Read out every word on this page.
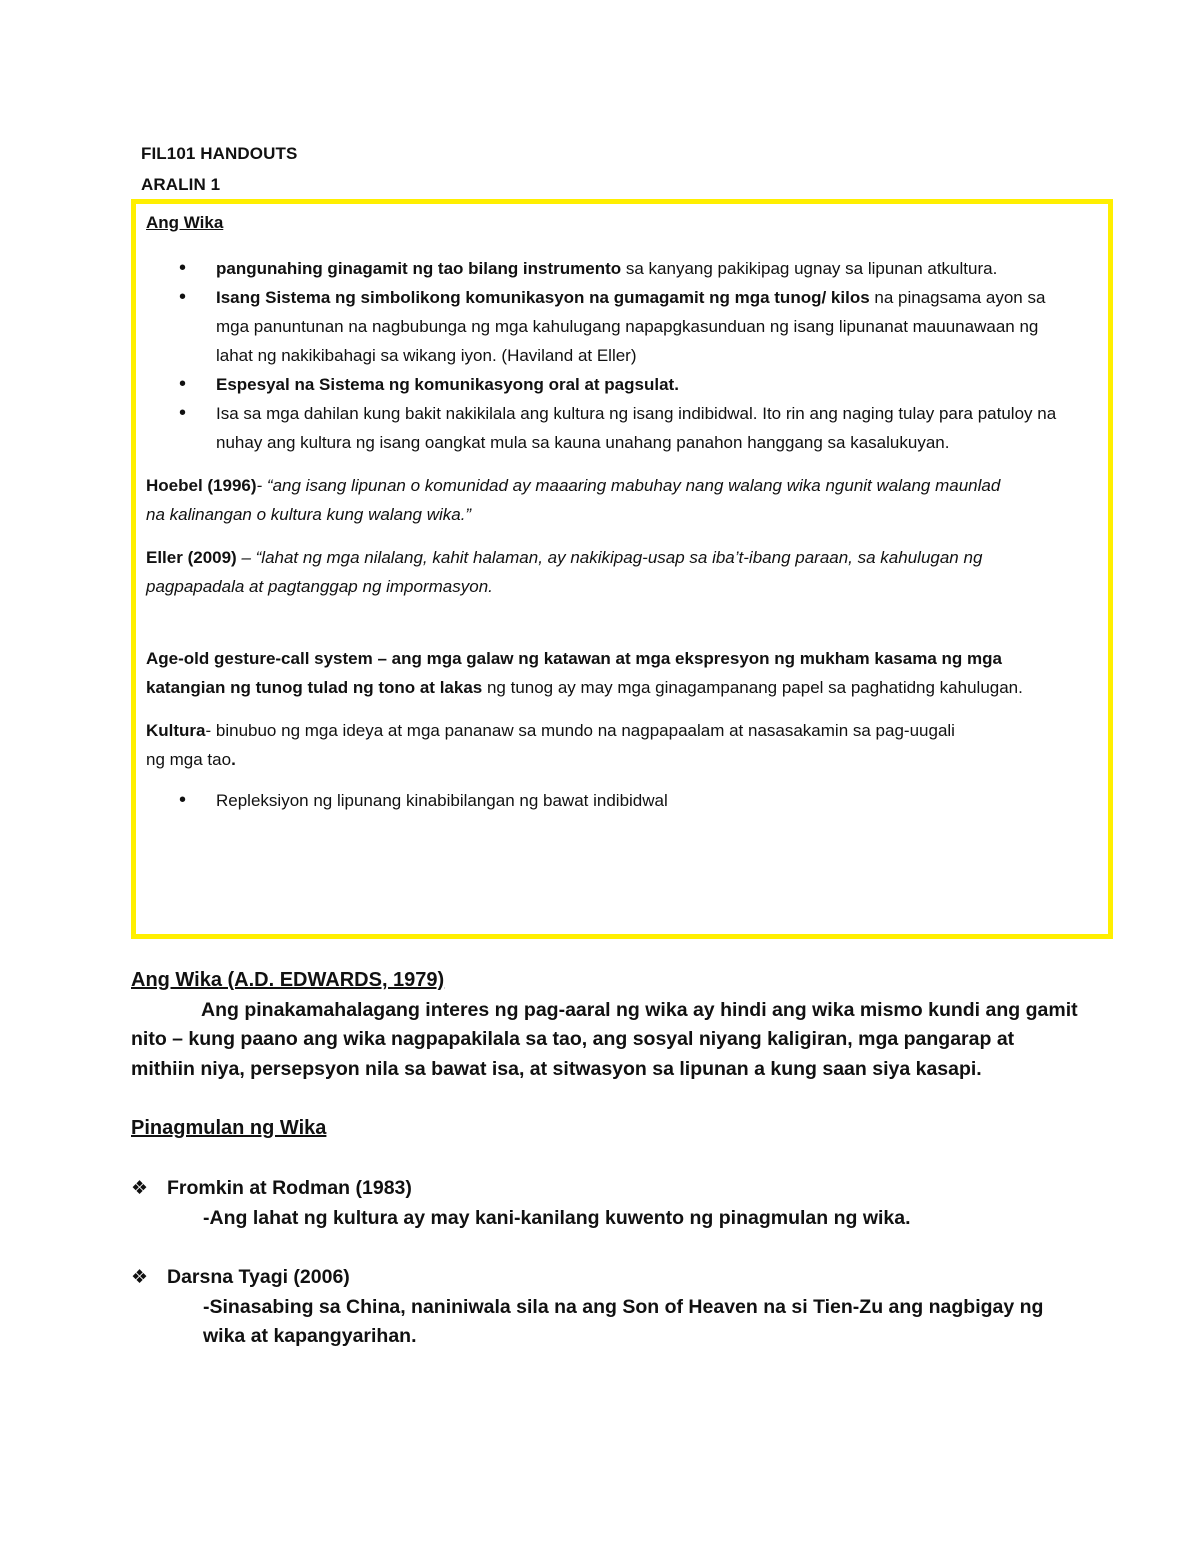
FIL101 HANDOUTS
ARALIN 1

Ang Wika

• pangunahing ginagamit ng tao bilang instrumento sa kanyang pakikipag ugnay sa lipunan atkultura.
• Isang Sistema ng simbolikong komunikasyon na gumagamit ng mga tunog/ kilos na pinagsama ayon sa mga panuntunan na nagbubunga ng mga kahulugang napapgkasunduan ng isang lipunanat mauunawaan ng lahat ng nakikibahagi sa wikang iyon. (Haviland at Eller)
• Espesyal na Sistema ng komunikasyong oral at pagsulat.
• Isa sa mga dahilan kung bakit nakikilala ang kultura ng isang indibidwal. Ito rin ang naging tulay para patuloy na nuhay ang kultura ng isang oangkat mula sa kauna unahang panahon hanggang sa kasalukuyan.

Hoebel (1996)- “ang isang lipunan o komunidad ay maaaring mabuhay nang walang wika ngunit walang maunlad na kalinangan o kultura kung walang wika.”

Eller (2009) – “lahat ng mga nilalang, kahit halaman, ay nakikipag-usap sa iba’t-ibang paraan, sa kahulugan ng pagpapadala at pagtanggap ng impormasyon.

Age-old gesture-call system – ang mga galaw ng katawan at mga ekspresyon ng mukham kasama ng mga katangian ng tunog tulad ng tono at lakas ng tunog ay may mga ginagampanang papel sa paghatidng kahulugan.

Kultura- binubuo ng mga ideya at mga pananaw sa mundo na nagpapaalam at nasasakamin sa pag-uugali ng mga tao.

• Repleksiyon ng lipunang kinabibilangan ng bawat indibidwal
Ang Wika (A.D. EDWARDS, 1979)

Ang pinakamahalagang interes ng pag-aaral ng wika ay hindi ang wika mismo kundi ang gamit nito – kung paano ang wika nagpapakilala sa tao, ang sosyal niyang kaligiran, mga pangarap at mithiin niya, persepsyon nila sa bawat isa, at sitwasyon sa lipunan a kung saan siya kasapi.

Pinagmulan ng Wika
❖ Fromkin at Rodman (1983)
-Ang lahat ng kultura ay may kani-kanilang kuwento ng pinagmulan ng wika.
❖ Darsna Tyagi (2006)
-Sinasabing sa China, naniniwala sila na ang Son of Heaven na si Tien-Zu ang nagbigay ng wika at kapangyarihan.
